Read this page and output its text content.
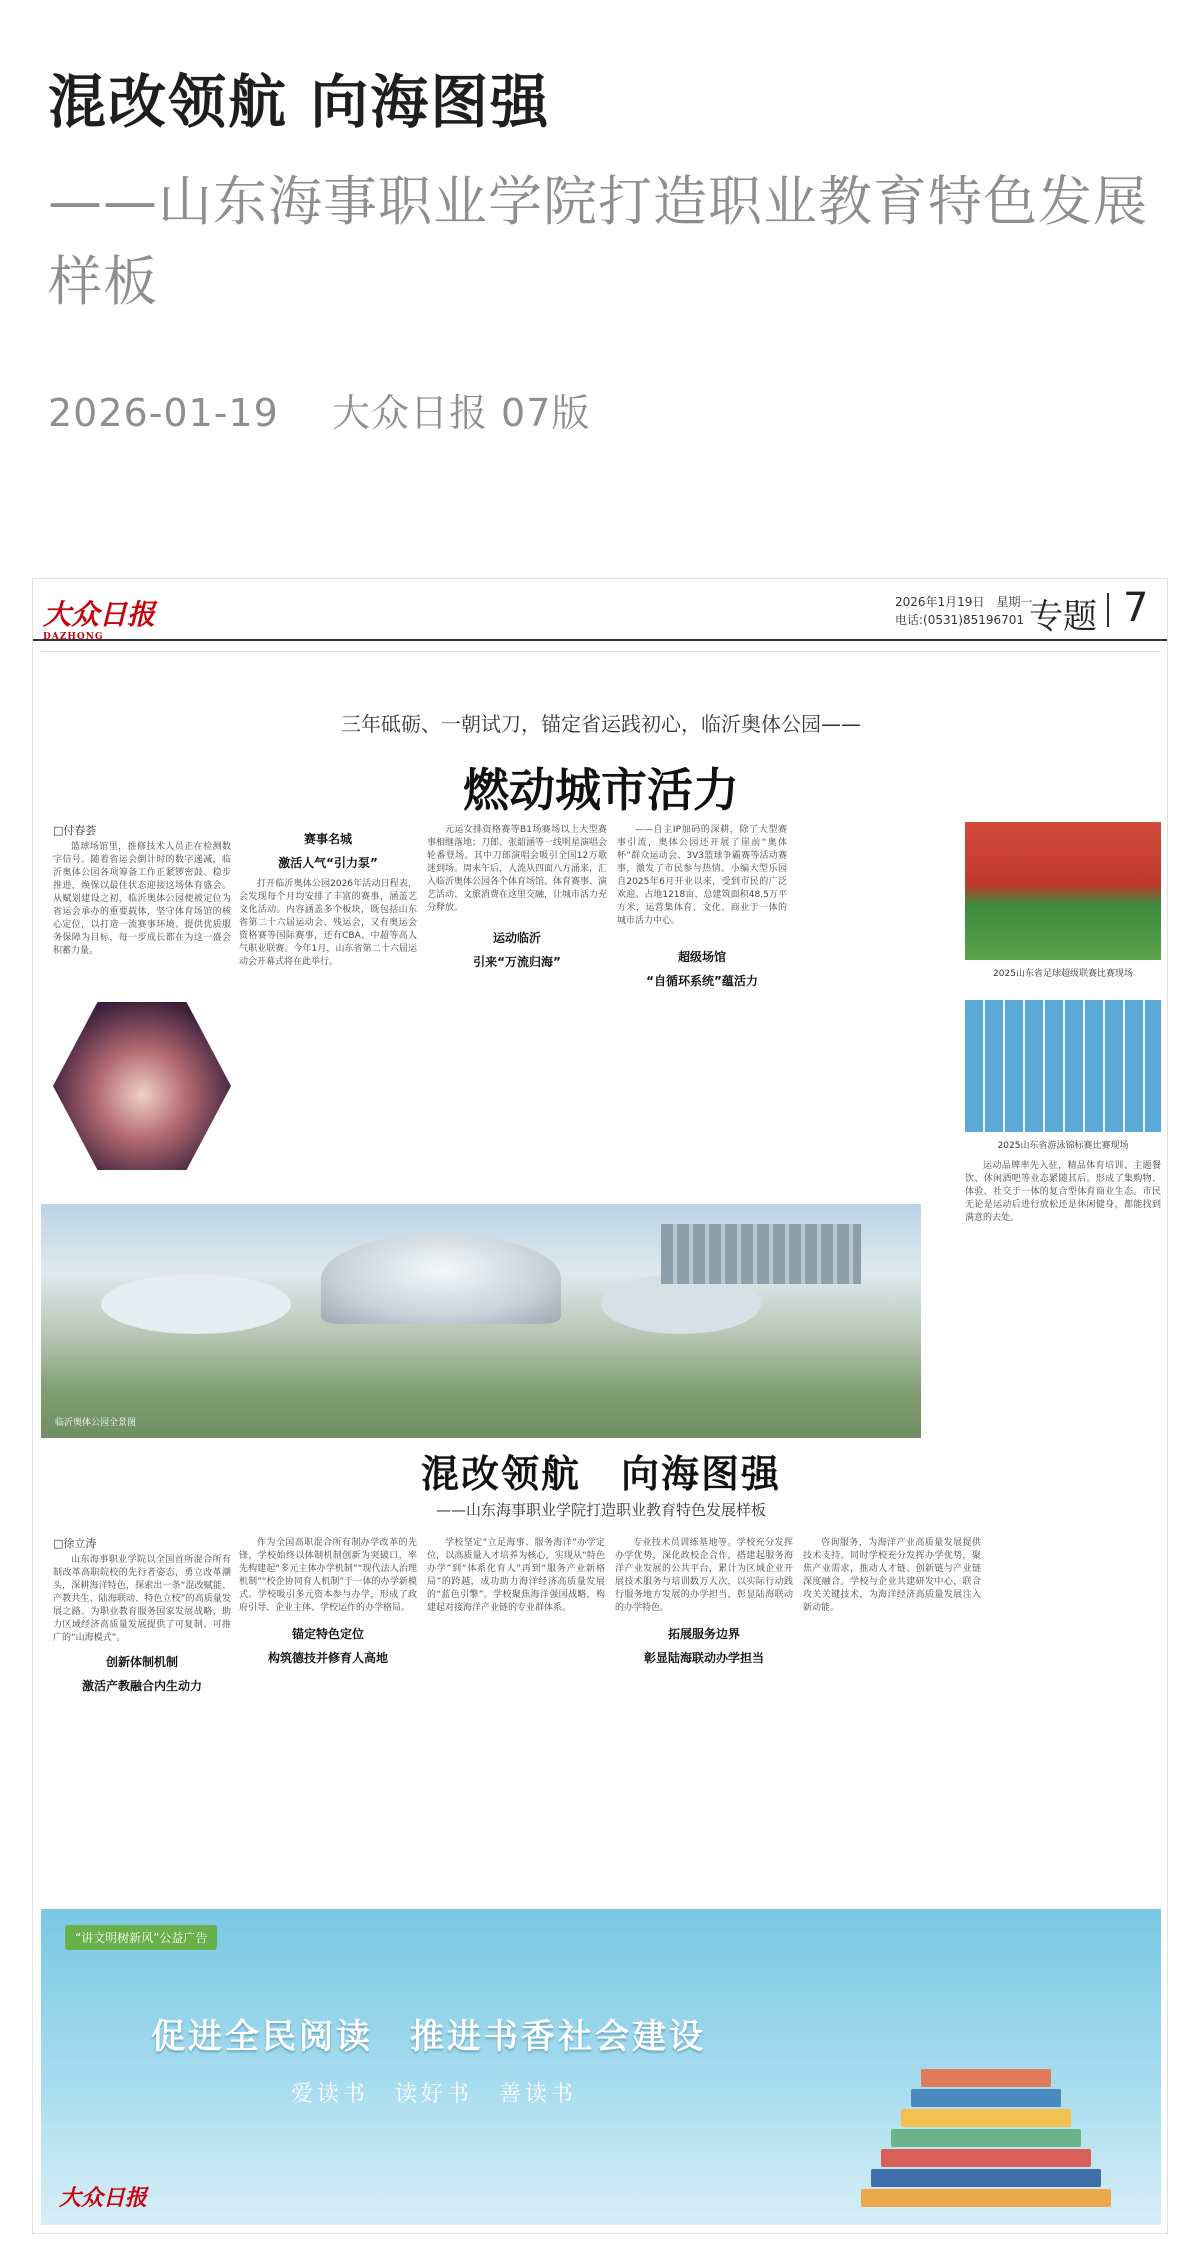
混改领航 向海图强
——山东海事职业学院打造职业教育特色发展样板
2026-01-19 大众日报 07版
大众日报
DAZHONG
2026年1月19日　星期一
电话:(0531)85196701 专题 7
三年砥砺、一朝试刀，锚定省运践初心，临沂奥体公园——
燃动城市活力
□付春荟

篮球场馆里，推修技术人员正在检测数字信号。随着省运会倒计时的数字递减，临沂奥体公园各项筹备工作正紧锣密鼓、稳步推进，焕保以最佳状态迎接这场体育盛会。从赋划建设之初，临沂奥体公园便被定位为省运会承办的重要载体，坚守体育场馆的核心定位，以打造一流赛事环境、提供优质服务保障为目标，每一步成长都在为这一盛会积蓄力量。

赛事名城
激活人气“引力泵”

打开临沂奥体公园2026年活动日程表，会发现每个月均安排了丰富的赛事，涵盖艺文化活动。内容涵盖多个板块，既包括山东省第二十六届运动会、残运会，又有奥运会资格赛等国际赛事，还有CBA、中超等高人气职业联赛。今年1月，山东省第二十六届运动会开幕式将在此举行。

元运女排资格赛等B1场赛场以上大型赛事相继落地；刀郎、张韶涵等一线明星演唱会轮番登场。其中刀郎演唱会吸引全国12万歌迷到场。周末午后，人流从四面八方涌来，汇入临沂奥体公园各个体育场馆。体育赛事、演艺活动、文旅消费在这里交融，让城市活力充分释放。

运动临沂
引来“万流归海”

——自主IP加码的深耕，除了大型赛事引流，奥体公园还开展了崖前“奥体杯”群众运动会、3V3篮球争霸赛等活动赛事，激发了市民参与热情。小编大型乐园自2025年6月开业以来，受到市民的广泛欢迎。占地1218亩、总建筑面积48.5万平方米，运营集体育、文化、商业于一体的城市活力中心。

超级场馆
“自循环系统”蕴活力	2025山东省足球超级联赛比赛现场
2025山东省游泳锦标赛比赛现场

运动品牌率先入驻，精品体育培训、主题餐饮、休闲酒吧等业态紧随其后。形成了集购物、体验、社交于一体的复合型体育商业生态。市民无论是运动后进行放松还是休闲健身，都能找到满意的去处。

临沂奥体公园全景图
混改领航　向海图强
——山东海事职业学院打造职业教育特色发展样板
□徐立涛

山东海事职业学院以全国首所混合所有制改革高职院校的先行者姿态，勇立改革潮头，深耕海洋特色，探索出一条“混改赋能、产教共生、陆海联动、特色立校”的高质量发展之路。为职业教育服务国家发展战略、助力区域经济高质量发展提供了可复制、可推广的“山海模式”。

创新体制机制
激活产教融合内生动力

作为全国高职混合所有制办学改革的先锋，学校始终以体制机制创新为突破口，率先构建起“多元主体办学机制”“现代法人治理机制”“校企协同育人机制”于一体的办学新模式。学校吸引多元资本参与办学，形成了政府引导、企业主体、学校运作的办学格局。

锚定特色定位
构筑德技并修育人高地

学校坚定“立足海事、服务海洋”办学定位，以高质量人才培养为核心，实现从“特色办学”到“体系化育人”再到“服务产业新格局”的跨越，成功助力海洋经济高质量发展的“蓝色引擎”。学校聚焦海洋强国战略，构建起对接海洋产业链的专业群体系。

专业技术员训练基地等。学校充分发挥办学优势，深化政校企合作，搭建起服务海洋产业发展的公共平台，累计为区域企业开展技术服务与培训数万人次，以实际行动践行服务地方发展的办学担当，彰显陆海联动的办学特色。

拓展服务边界
彰显陆海联动办学担当

咨询服务，为海洋产业高质量发展提供技术支持。同时学校充分发挥办学优势，聚焦产业需求，推动人才链、创新链与产业链深度融合。学校与企业共建研发中心，联合攻关关键技术，为海洋经济高质量发展注入新动能。

“讲文明树新风”公益广告
促进全民阅读　推进书香社会建设
爱读书　读好书　善读书
大众日报
